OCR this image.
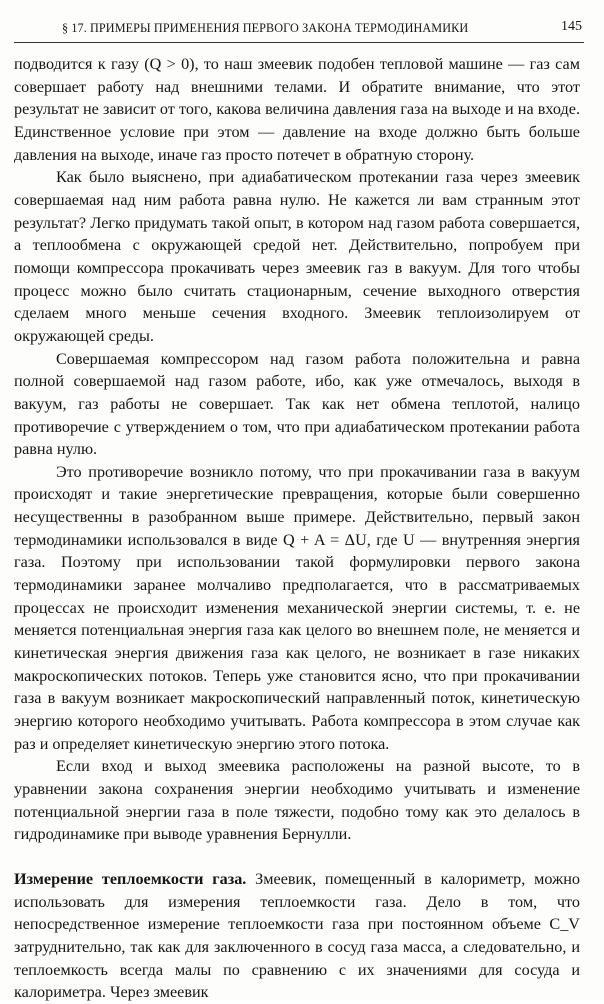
§ 17. ПРИМЕРЫ ПРИМЕНЕНИЯ ПЕРВОГО ЗАКОНА ТЕРМОДИНАМИКИ	145

подводится к газу (Q > 0), то наш змеевик подобен тепловой машине — газ сам совершает работу над внешними телами. И обратите внимание, что этот результат не зависит от того, какова величина давления газа на выходе и на входе. Единственное условие при этом — давление на входе должно быть больше давления на выходе, иначе газ просто потечет в обратную сторону.

Как было выяснено, при адиабатическом протекании газа через змеевик совершаемая над ним работа равна нулю. Не кажется ли вам странным этот результат? Легко придумать такой опыт, в котором над газом работа совершается, а теплообмена с окружающей средой нет. Действительно, попробуем при помощи компрессора прокачивать через змеевик газ в вакуум. Для того чтобы процесс можно было считать стационарным, сечение выходного отверстия сделаем много меньше сечения входного. Змеевик теплоизолируем от окружающей среды.

Совершаемая компрессором над газом работа положительна и равна полной совершаемой над газом работе, ибо, как уже отмечалось, выходя в вакуум, газ работы не совершает. Так как нет обмена теплотой, налицо противоречие с утверждением о том, что при адиабатическом протекании работа равна нулю.

Это противоречие возникло потому, что при прокачивании газа в вакуум происходят и такие энергетические превращения, которые были совершенно несущественны в разобранном выше примере. Действительно, первый закон термодинамики использовался в виде Q + A = ΔU, где U — внутренняя энергия газа. Поэтому при использовании такой формулировки первого закона термодинамики заранее молчаливо предполагается, что в рассматриваемых процессах не происходит изменения механической энергии системы, т. е. не меняется потенциальная энергия газа как целого во внешнем поле, не меняется и кинетическая энергия движения газа как целого, не возникает в газе никаких макроскопических потоков. Теперь уже становится ясно, что при прокачивании газа в вакуум возникает макроскопический направленный поток, кинетическую энергию которого необходимо учитывать. Работа компрессора в этом случае как раз и определяет кинетическую энергию этого потока.

Если вход и выход змеевика расположены на разной высоте, то в уравнении закона сохранения энергии необходимо учитывать и изменение потенциальной энергии газа в поле тяжести, подобно тому как это делалось в гидродинамике при выводе уравнения Бернулли.

Измерение теплоемкости газа. Змеевик, помещенный в калориметр, можно использовать для измерения теплоемкости газа. Дело в том, что непосредственное измерение теплоемкости газа при постоянном объеме C_V затруднительно, так как для заключенного в сосуд газа масса, а следовательно, и теплоемкость всегда малы по сравнению с их значениями для сосуда и калориметра. Через змеевик
